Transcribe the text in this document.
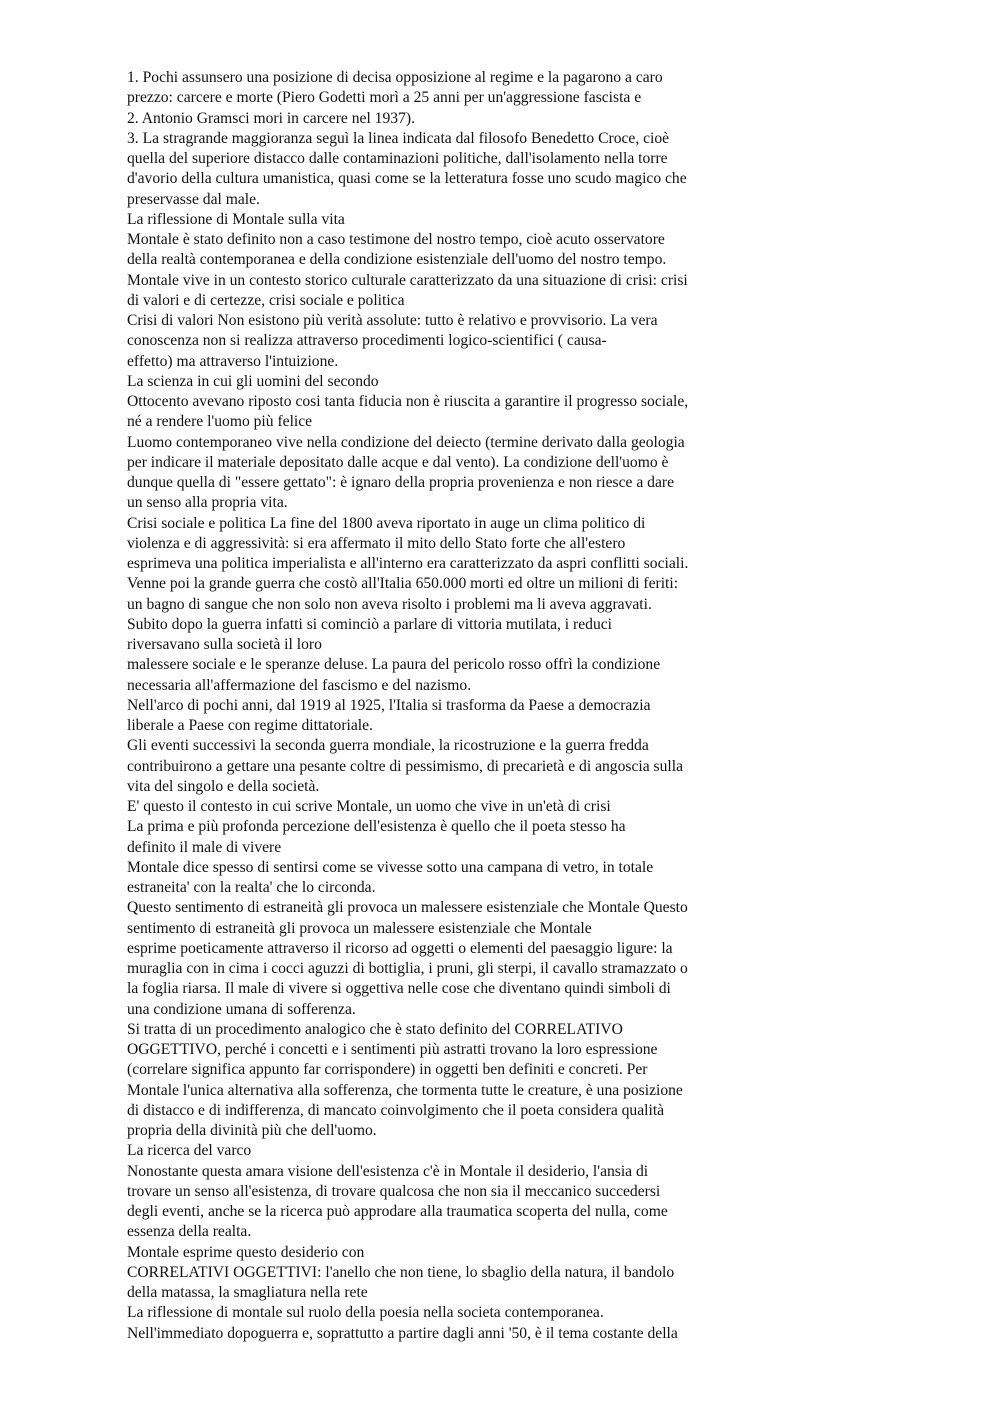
1. Pochi assunsero una posizione di decisa opposizione al regime e la pagarono a caro
prezzo: carcere e morte (Piero Godetti morì a 25 anni per un'aggressione fascista e
2. Antonio Gramsci mori in carcere nel 1937).
3. La stragrande maggioranza seguì la linea indicata dal filosofo Benedetto Croce, cioè
quella del superiore distacco dalle contaminazioni politiche, dall'isolamento nella torre
d'avorio della cultura umanistica, quasi come se la letteratura fosse uno scudo magico che
preservasse dal male.
La riflessione di Montale sulla vita
Montale è stato definito non a caso testimone del nostro tempo, cioè acuto osservatore
della realtà contemporanea e della condizione esistenziale dell'uomo del nostro tempo.
Montale vive in un contesto storico culturale caratterizzato da una situazione di crisi: crisi
di valori e di certezze, crisi sociale e politica
Crisi di valori Non esistono più verità assolute: tutto è relativo e provvisorio. La vera
conoscenza non si realizza attraverso procedimenti logico-scientifici ( causa-
effetto) ma attraverso l'intuizione.
La scienza in cui gli uomini del secondo
Ottocento avevano riposto cosi tanta fiducia non è riuscita a garantire il progresso sociale,
né a rendere l'uomo più felice
Luomo contemporaneo vive nella condizione del deiecto (termine derivato dalla geologia
per indicare il materiale depositato dalle acque e dal vento). La condizione dell'uomo è
dunque quella di "essere gettato": è ignaro della propria provenienza e non riesce a dare
un senso alla propria vita.
Crisi sociale e politica La fine del 1800 aveva riportato in auge un clima politico di
violenza e di aggressività: si era affermato il mito dello Stato forte che all'estero
esprimeva una politica imperialista e all'interno era caratterizzato da aspri conflitti sociali.
Venne poi la grande guerra che costò all'Italia 650.000 morti ed oltre un milioni di feriti:
un bagno di sangue che non solo non aveva risolto i problemi ma li aveva aggravati.
Subito dopo la guerra infatti si cominciò a parlare di vittoria mutilata, i reduci
riversavano sulla società il loro
malessere sociale e le speranze deluse. La paura del pericolo rosso offrì la condizione
necessaria all'affermazione del fascismo e del nazismo.
Nell'arco di pochi anni, dal 1919 al 1925, l'Italia si trasforma da Paese a democrazia
liberale a Paese con regime dittatoriale.
Gli eventi successivi la seconda guerra mondiale, la ricostruzione e la guerra fredda
contribuirono a gettare una pesante coltre di pessimismo, di precarietà e di angoscia sulla
vita del singolo e della società.
E' questo il contesto in cui scrive Montale, un uomo che vive in un'età di crisi
La prima e più profonda percezione dell'esistenza è quello che il poeta stesso ha
definito il male di vivere
Montale dice spesso di sentirsi come se vivesse sotto una campana di vetro, in totale
estraneita' con la realta' che lo circonda.
Questo sentimento di estraneità gli provoca un malessere esistenziale che Montale Questo
sentimento di estraneità gli provoca un malessere esistenziale che Montale
esprime poeticamente attraverso il ricorso ad oggetti o elementi del paesaggio ligure: la
muraglia con in cima i cocci aguzzi di bottiglia, i pruni, gli sterpi, il cavallo stramazzato o
la foglia riarsa. Il male di vivere si oggettiva nelle cose che diventano quindi simboli di
una condizione umana di sofferenza.
Si tratta di un procedimento analogico che è stato definito del CORRELATIVO
OGGETTIVO, perché i concetti e i sentimenti più astratti trovano la loro espressione
(correlare significa appunto far corrispondere) in oggetti ben definiti e concreti. Per
Montale l'unica alternativa alla sofferenza, che tormenta tutte le creature, è una posizione
di distacco e di indifferenza, di mancato coinvolgimento che il poeta considera qualità
propria della divinità più che dell'uomo.
La ricerca del varco
Nonostante questa amara visione dell'esistenza c'è in Montale il desiderio, l'ansia di
trovare un senso all'esistenza, di trovare qualcosa che non sia il meccanico succedersi
degli eventi, anche se la ricerca può approdare alla traumatica scoperta del nulla, come
essenza della realta.
Montale esprime questo desiderio con
CORRELATIVI OGGETTIVI: l'anello che non tiene, lo sbaglio della natura, il bandolo
della matassa, la smagliatura nella rete
La riflessione di montale sul ruolo della poesia nella societa contemporanea.
Nell'immediato dopoguerra e, soprattutto a partire dagli anni '50, è il tema costante della
